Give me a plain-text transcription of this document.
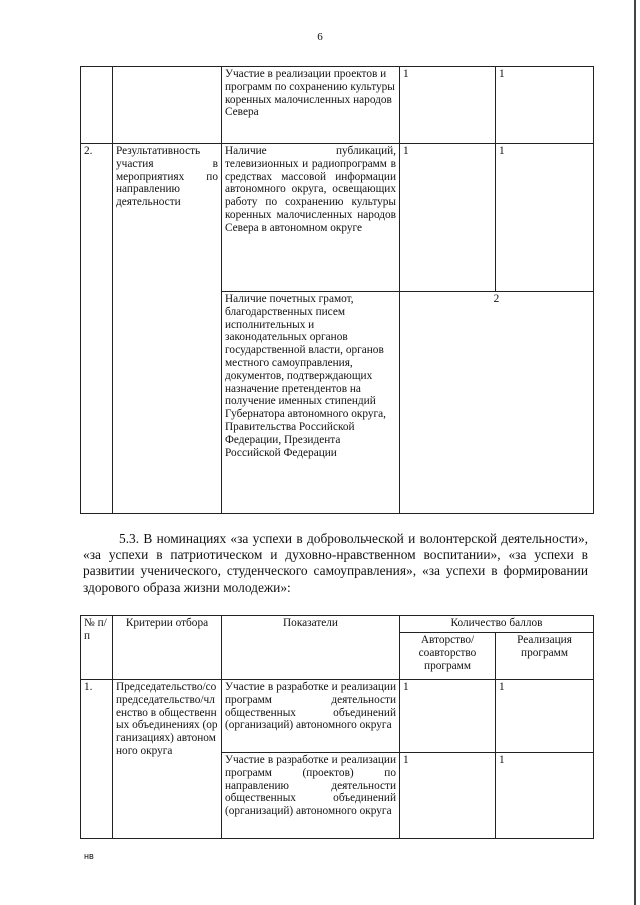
6
		Участие в реализации проектов и программ по сохранению культуры коренных малочисленных народов Севера	1	1
2.	Результативность участия в мероприятиях по направлению деятельности	Наличие публикаций, телевизионных и радиопрограмм в средствах массовой информации автономного округа, освещающих работу по сохранению культуры коренных малочисленных народов Севера в автономном округе	1	1
		Наличие почетных грамот, благодарственных писем исполнительных и законодательных органов государственной власти, органов местного самоуправления, документов, подтверждающих назначение претендентов на получение именных стипендий Губернатора автономного округа, Правительства Российской Федерации, Президента Российской Федерации	2	
5.3. В номинациях «за успехи в добровольческой и волонтерской деятельности», «за успехи в патриотическом и духовно-нравственном воспитании», «за успехи в развитии ученического, студенческого самоуправления», «за успехи в формировании здорового образа жизни молодежи»:
№ п/п	Критерии отбора	Показатели	Количество баллов	
			Авторство/соавторство программ	Реализация программ
1.	Председательство/сопредседательство/членство в общественных объединениях (организациях) автономного округа	Участие в разработке и реализации программ деятельности общественных объединений (организаций) автономного округа	1	1
		Участие в разработке и реализации программ (проектов) по направлению деятельности общественных объединений (организаций) автономного округа	1	1
нв
